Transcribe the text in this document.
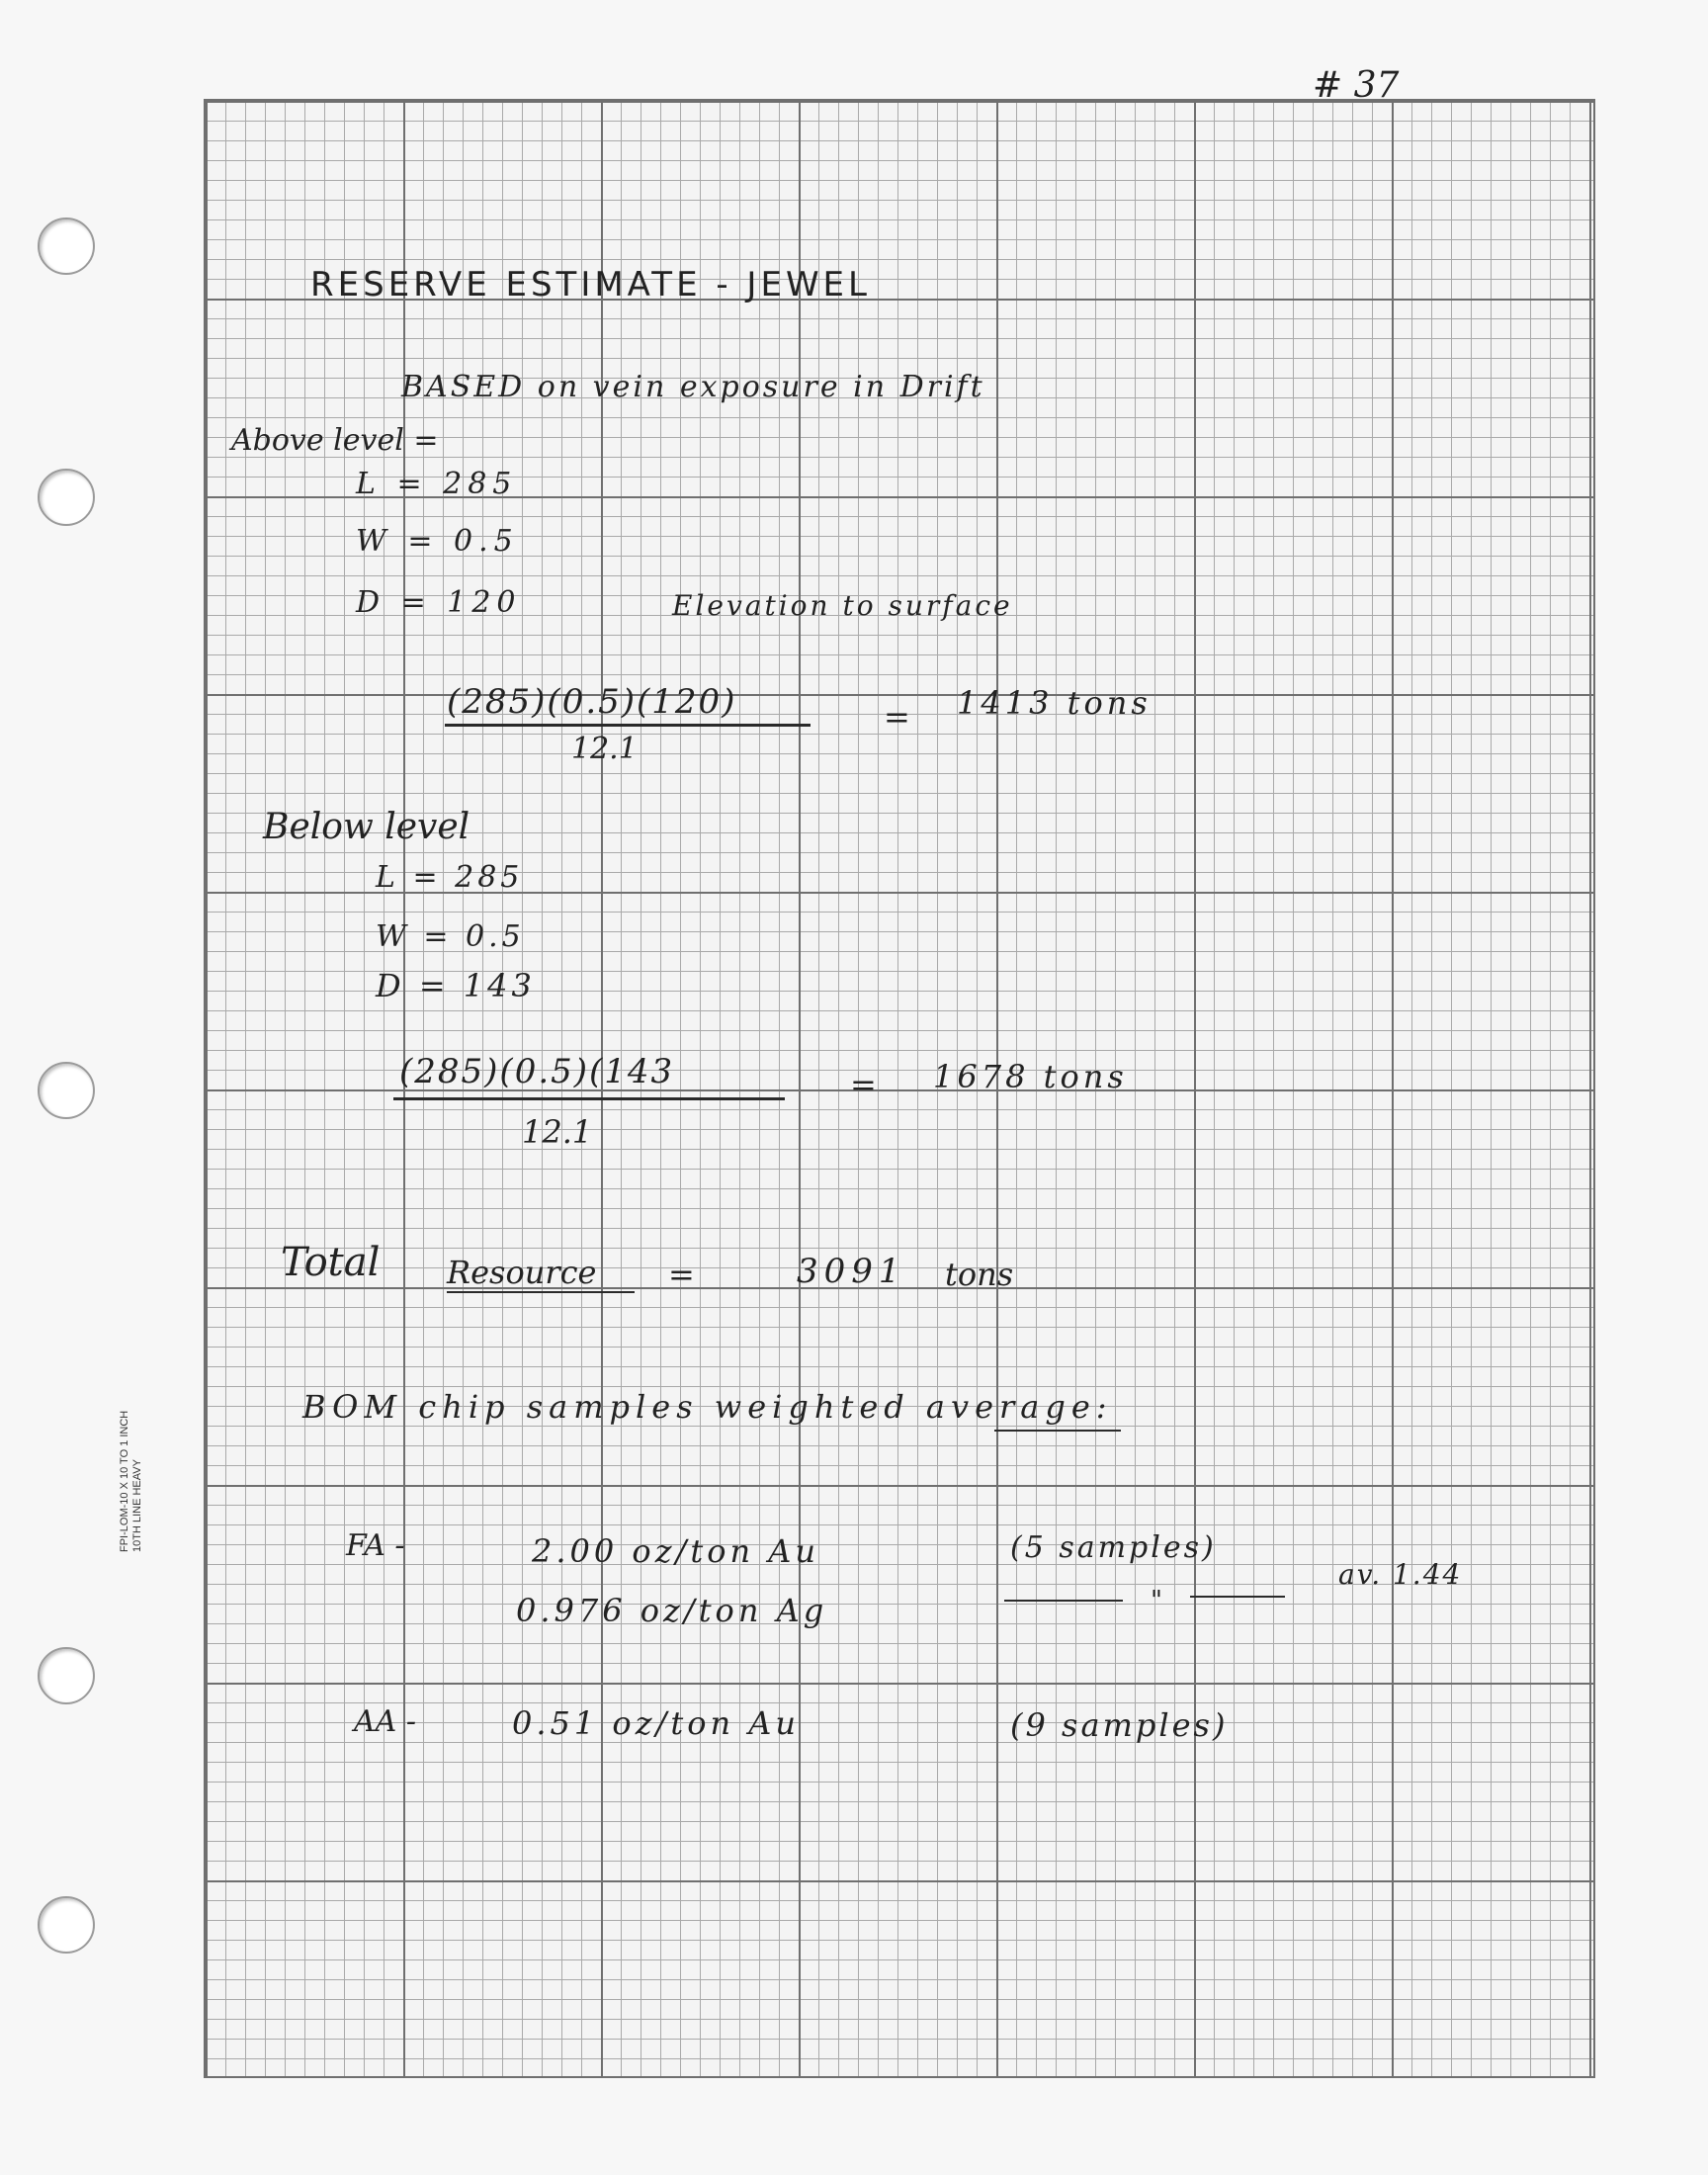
FPI-LOM-10 X 10 TO 1 INCH 10TH LINE HEAVY
# 37
RESERVE ESTIMATE - JEWEL
BASED on vein exposure in Drift
Above level =
L = 285
W = 0.5
D = 120	Elevation to surface
(285)(0.5)(120)
12.1
= 1413 tons
Below level
L = 285
W = 0.5
D = 143
(285)(0.5)(143
12.1
= 1678 tons
Total Resource =	3091 tons
BOM chip samples weighted average:
FA -	2.00 oz/ton Au
0.976 oz/ton Ag
(5 samples)
"
av. 1.44
AA -	0.51 oz/ton Au	(9 samples)
